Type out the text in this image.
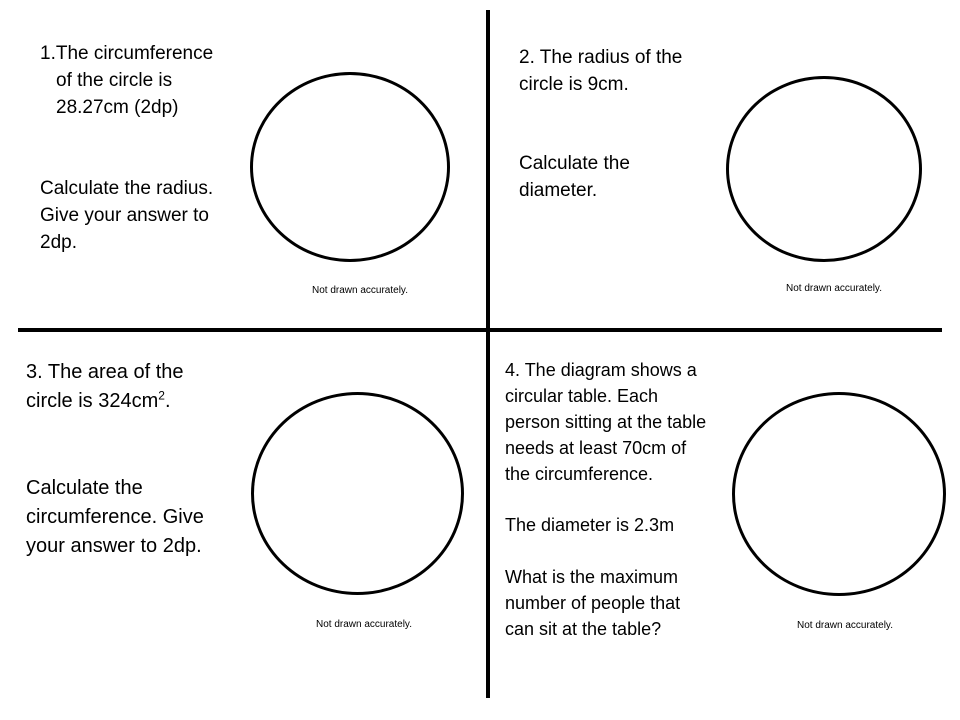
1.The circumference
of the circle is
28.27cm (2dp)
Calculate the radius.
Give your answer to
2dp.
Not drawn accurately.
2. The radius of the
circle is 9cm.
Calculate the
diameter.
Not drawn accurately.
3. The area of the
circle is $324cm^2$.
Calculate the
circumference. Give
your answer to 2dp.
Not drawn accurately.
4. The diagram shows a
circular table. Each
person sitting at the table
needs at least 70cm of
the circumference.
The diameter is 2.3m
What is the maximum
number of people that
can sit at the table?	Not drawn accurately.
